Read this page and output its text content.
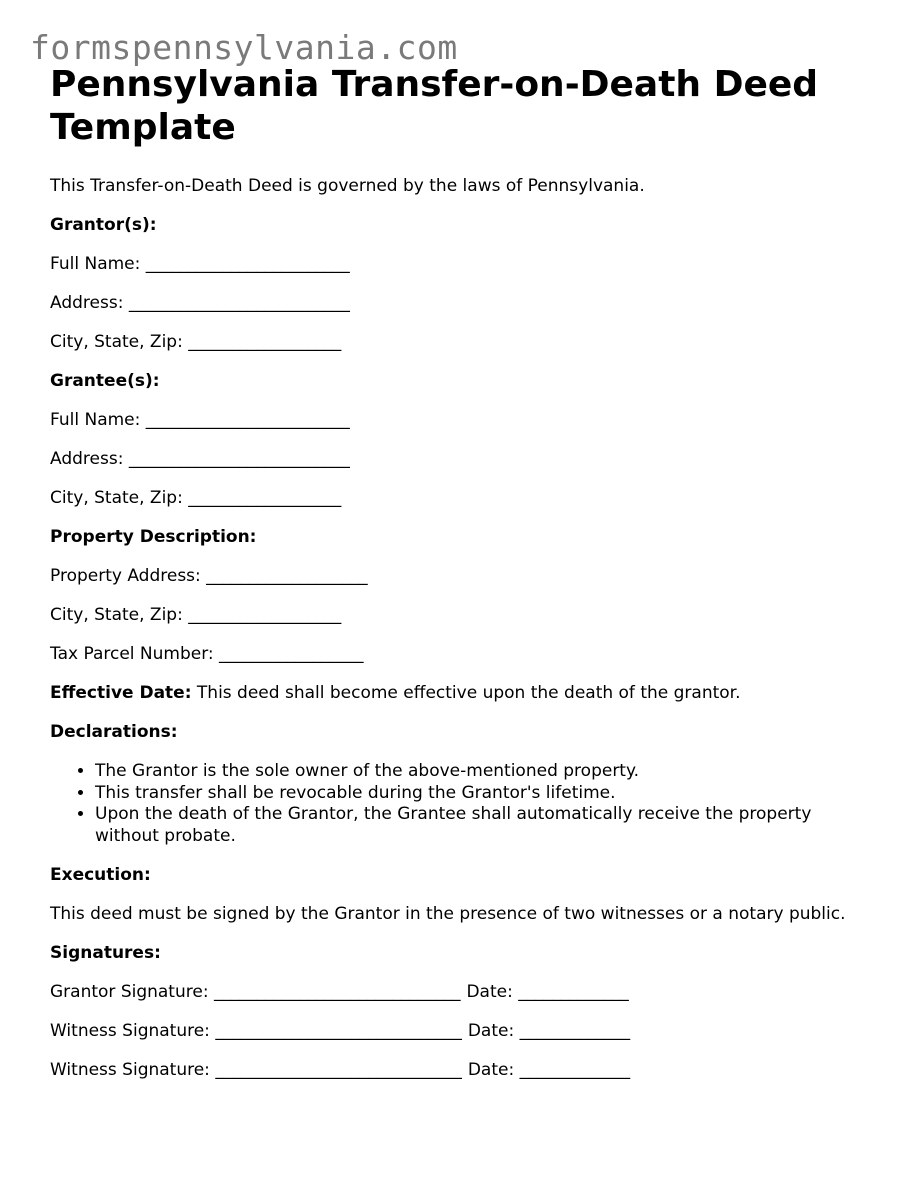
formspennsylvania.com
Pennsylvania Transfer-on-Death Deed Template

This Transfer-on-Death Deed is governed by the laws of Pennsylvania.

Grantor(s):

Full Name: ________________________

Address: __________________________

City, State, Zip: __________________

Grantee(s):

Full Name: ________________________

Address: __________________________

City, State, Zip: __________________

Property Description:

Property Address: ___________________

City, State, Zip: __________________

Tax Parcel Number: _________________

Effective Date: This deed shall become effective upon the death of the grantor.

Declarations:

• The Grantor is the sole owner of the above-mentioned property.
• This transfer shall be revocable during the Grantor's lifetime.
• Upon the death of the Grantor, the Grantee shall automatically receive the property without probate.

Execution:

This deed must be signed by the Grantor in the presence of two witnesses or a notary public.

Signatures:

Grantor Signature: _____________________________ Date: _____________

Witness Signature: _____________________________ Date: _____________

Witness Signature: _____________________________ Date: _____________
